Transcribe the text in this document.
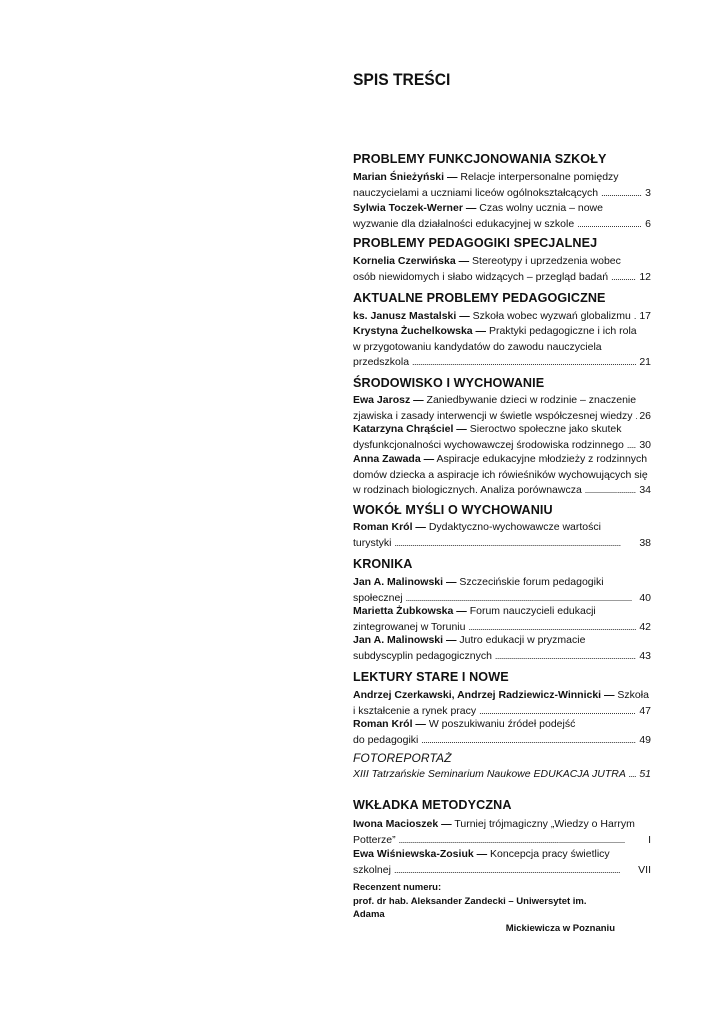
SPIS TREŚCI
PROBLEMY FUNKCJONOWANIA SZKOŁY
Marian Śnieżyński — Relacje interpersonalne pomiędzy
nauczycielami a uczniami liceów ogólnokształcących . . .	3
Sylwia Toczek-Werner — Czas wolny ucznia – nowe
wyzwanie dla działalności edukacyjnej w szkole . . .	6
PROBLEMY PEDAGOGIKI SPECJALNEJ
Kornelia Czerwińska — Stereotypy i uprzedzenia wobec
osób niewidomych i słabo widzących – przegląd badań . . .	12
AKTUALNE PROBLEMY PEDAGOGICZNE
ks. Janusz Mastalski — Szkoła wobec wyzwań globalizmu . . . 17
Krystyna Żuchelkowska — Praktyki pedagogiczne i ich rola
w przygotowaniu kandydatów do zawodu nauczyciela
przedszkola . . .	21
ŚRODOWISKO I WYCHOWANIE
Ewa Jarosz — Zaniedbywanie dzieci w rodzinie – znaczenie
zjawiska i zasady interwencji w świetle współczesnej wiedzy . . . 26
Katarzyna Chrąściel — Sieroctwo społeczne jako skutek
dysfunkcjonalności wychowawczej środowiska rodzinnego . . . 30
Anna Zawada — Aspiracje edukacyjne młodzieży z rodzinnych
domów dziecka a aspiracje ich rówieśników wychowujących się
w rodzinach biologicznych. Analiza porównawcza . . .	34
WOKÓŁ MYŚLI O WYCHOWANIU
Roman Król — Dydaktyczno-wychowawcze wartości
turystyki . . .	38
KRONIKA
Jan A. Malinowski — Szczecińskie forum pedagogiki
społecznej . . .	40
Marietta Żubkowska — Forum nauczycieli edukacji
zintegrowanej w Toruniu . . .	42
Jan A. Malinowski — Jutro edukacji w pryzmacie
subdyscyplin pedagogicznych . . .	43
LEKTURY STARE I NOWE
Andrzej Czerkawski, Andrzej Radziewicz-Winnicki — Szkoła
i kształcenie a rynek pracy . . .	47
Roman Król — W poszukiwaniu źródeł podejść
do pedagogiki . . .	49
FOTOREPORTAŻ
XIII Tatrzańskie Seminarium Naukowe EDUKACJA JUTRA . . . 51
WKŁADKA METODYCZNA
Iwona Macioszek — Turniej trójmagiczny „Wiedzy o Harrym
Potterze” . . .	I
Ewa Wiśniewska-Zosiuk — Koncepcja pracy świetlicy
szkolnej . . .	VII
Recenzent numeru:
prof. dr hab. Aleksander Zandecki – Uniwersytet im. Adama
Mickiewicza w Poznaniu
